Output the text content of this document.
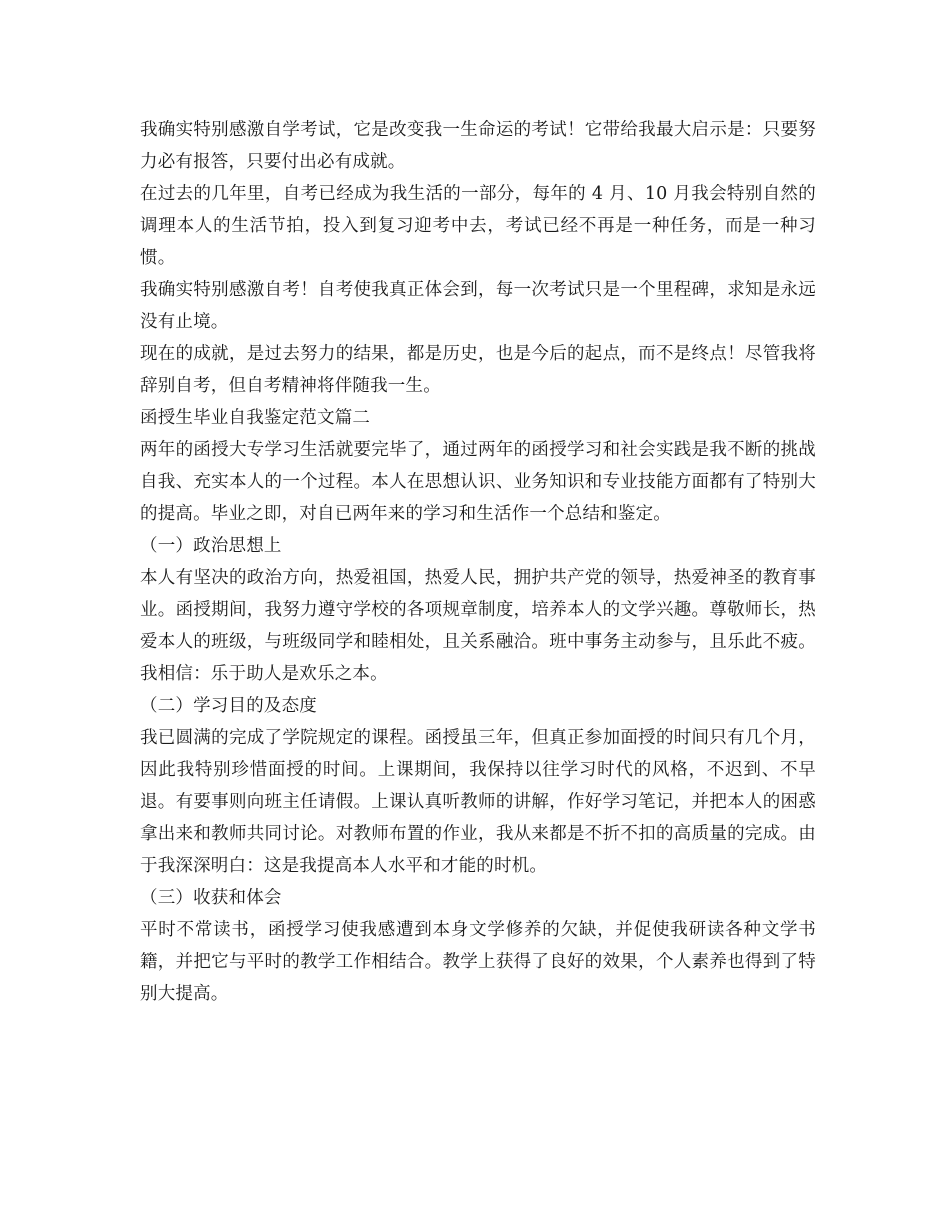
我确实特别感激自学考试，它是改变我一生命运的考试！它带给我最大启示是：只要努力必有报答，只要付出必有成就。

在过去的几年里，自考已经成为我生活的一部分，每年的 4 月、10 月我会特别自然的调理本人的生活节拍，投入到复习迎考中去，考试已经不再是一种任务，而是一种习惯。

我确实特别感激自考！自考使我真正体会到，每一次考试只是一个里程碑，求知是永远没有止境。

现在的成就，是过去努力的结果，都是历史，也是今后的起点，而不是终点！尽管我将辞别自考，但自考精神将伴随我一生。

函授生毕业自我鉴定范文篇二

两年的函授大专学习生活就要完毕了，通过两年的函授学习和社会实践是我不断的挑战自我、充实本人的一个过程。本人在思想认识、业务知识和专业技能方面都有了特别大的提高。毕业之即，对自已两年来的学习和生活作一个总结和鉴定。

（一）政治思想上

本人有坚决的政治方向，热爱祖国，热爱人民，拥护共产党的领导，热爱神圣的教育事业。函授期间，我努力遵守学校的各项规章制度，培养本人的文学兴趣。尊敬师长，热爱本人的班级，与班级同学和睦相处，且关系融洽。班中事务主动参与，且乐此不疲。我相信：乐于助人是欢乐之本。

（二）学习目的及态度

我已圆满的完成了学院规定的课程。函授虽三年，但真正参加面授的时间只有几个月，因此我特别珍惜面授的时间。上课期间，我保持以往学习时代的风格，不迟到、不早退。有要事则向班主任请假。上课认真听教师的讲解，作好学习笔记，并把本人的困惑拿出来和教师共同讨论。对教师布置的作业，我从来都是不折不扣的高质量的完成。由于我深深明白：这是我提高本人水平和才能的时机。

（三）收获和体会

平时不常读书，函授学习使我感遭到本身文学修养的欠缺，并促使我研读各种文学书籍，并把它与平时的教学工作相结合。教学上获得了良好的效果，个人素养也得到了特别大提高。
